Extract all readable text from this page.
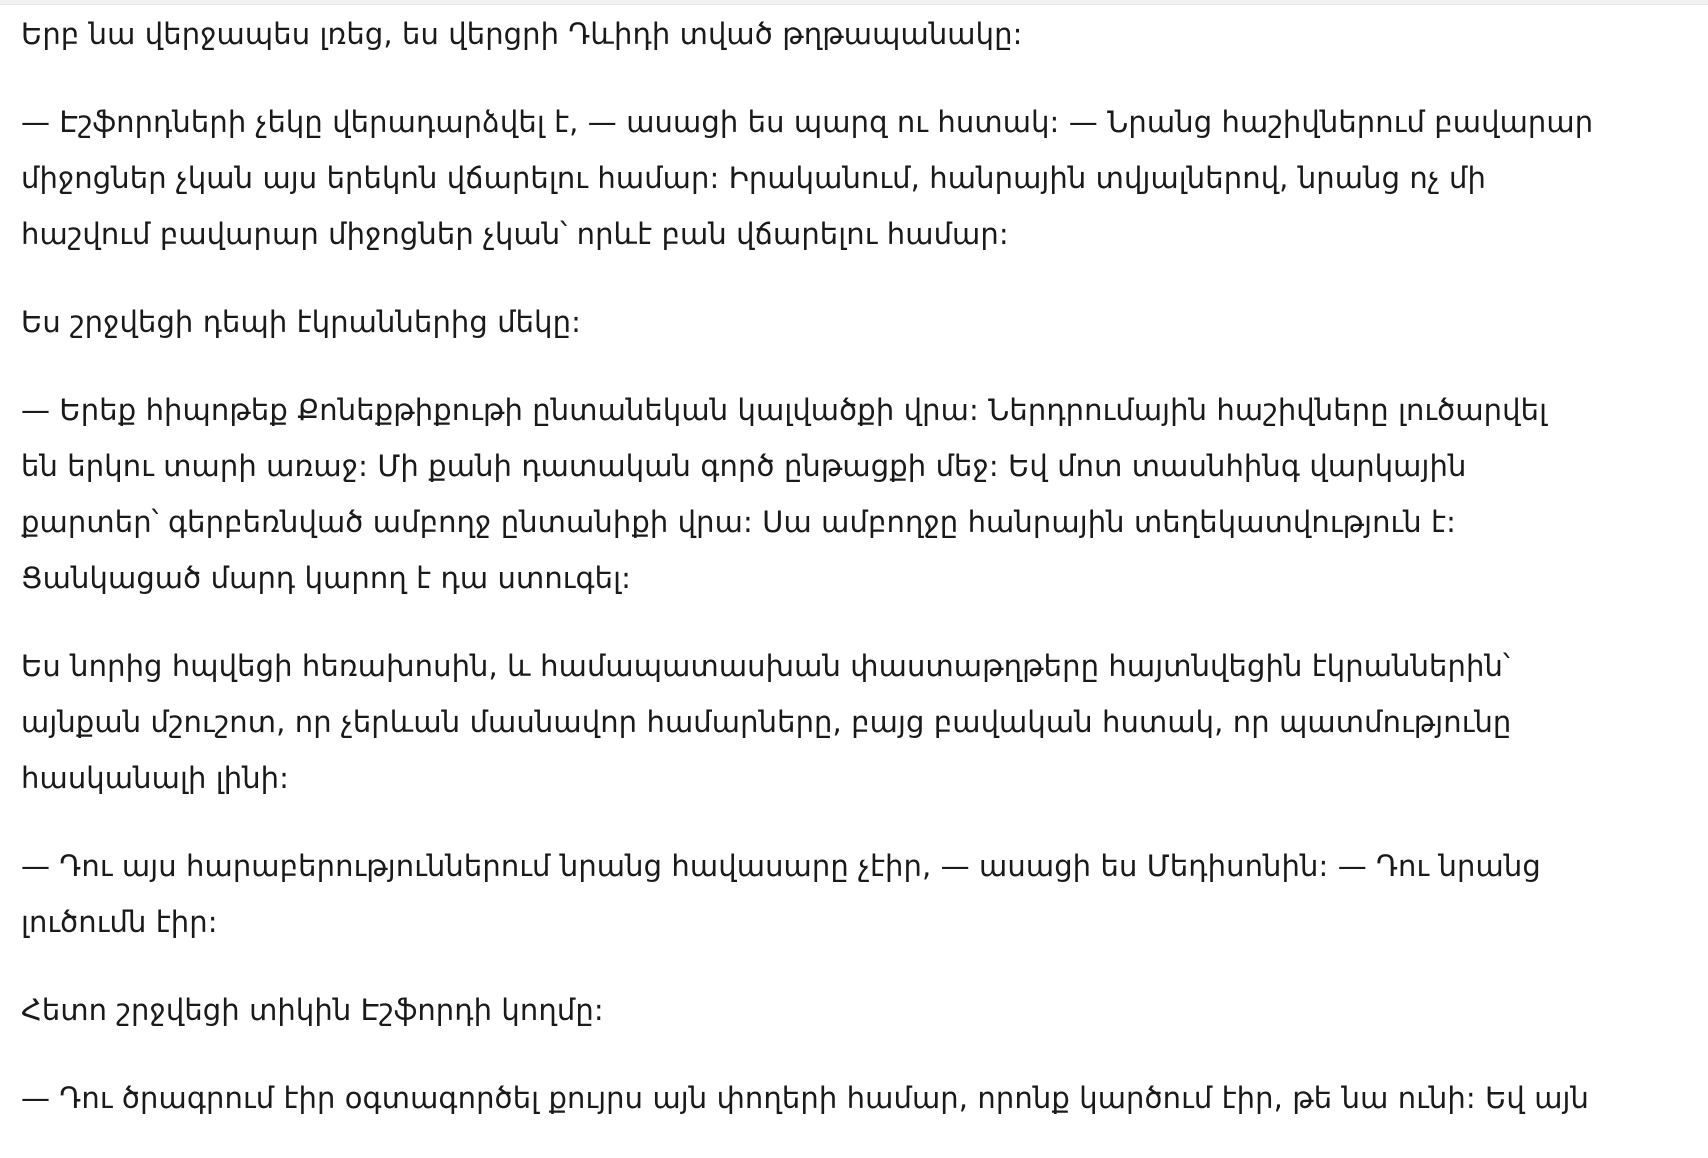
Երբ նա վերջապես լռեց, ես վերցրի Դևիդի տված թղթապանակը:

— Էշֆորդների չեկը վերադարձվել է, — ասացի ես պարզ ու հստակ: — Նրանց հաշիվներում բավարար
միջոցներ չկան այս երեկոն վճարելու համար: Իրականում, հանրային տվյալներով, նրանց ոչ մի
հաշվում բավարար միջոցներ չկան՝ որևէ բան վճարելու համար:

Ես շրջվեցի դեպի էկրաններից մեկը:

— Երեք հիպոթեք Քոնեքթիքութի ընտանեկան կալվածքի վրա: Ներդրումային հաշիվները լուծարվել
են երկու տարի առաջ: Մի քանի դատական գործ ընթացքի մեջ: Եվ մոտ տասնհինգ վարկային
քարտեր՝ գերբեռնված ամբողջ ընտանիքի վրա: Սա ամբողջը հանրային տեղեկատվություն է:
Ցանկացած մարդ կարող է դա ստուգել:

Ես նորից հպվեցի հեռախոսին, և համապատասխան փաստաթղթերը հայտնվեցին էկրաններին՝
այնքան մշուշոտ, որ չերևան մասնավոր համարները, բայց բավական հստակ, որ պատմությունը
հասկանալի լինի:

— Դու այս հարաբերություններում նրանց հավասարը չէիր, — ասացի ես Մեդիսոնին: — Դու նրանց
լուծումն էիր:

Հետո շրջվեցի տիկին Էշֆորդի կողմը:

— Դու ծրագրում էիր օգտագործել քույրս այն փողերի համար, որոնք կարծում էիր, թե նա ունի: Եվ այն
